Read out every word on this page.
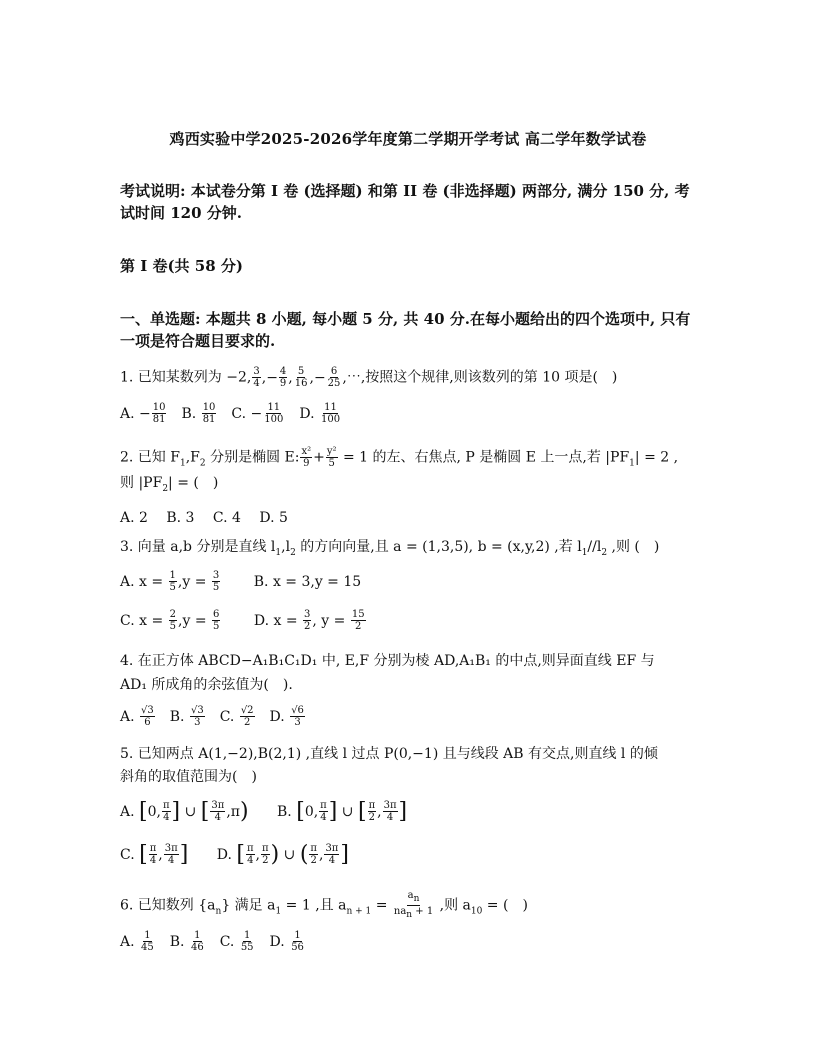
鸡西实验中学2025-2026学年度第二学期开学考试 高二学年数学试卷
考试说明: 本试卷分第 I 卷 (选择题) 和第 II 卷 (非选择题) 两部分, 满分 150 分, 考
试时间 120 分钟.
第 I 卷(共 58 分)
一、单选题: 本题共 8 小题, 每小题 5 分, 共 40 分.在每小题给出的四个选项中, 只有
一项是符合题目要求的.
1. 已知某数列为 −2, $\frac{3}{4}$ ,− $\frac{4}{9}$ , $\frac{5}{16}$ ,− $\frac{6}{25}$ ,⋯,按照这个规律,则该数列的第 10 项是(　)
A. − $\frac{10}{81} B$. $\frac{10}{81} C$. − $\frac{11}{100} D$. $\frac{11}{100}$
2. 已知 $F_1,F_2$ 分别是椭圆 E: $\frac{\text{x²}}{9} + \frac{\text{y²}}{5} = 1$ 的左、右焦点, P 是椭圆 E 上一点,若 $|PF_1| = 2$ ,
则 $|PF_2|$ = (　)
A. 2　 B. 3　 C. 4　 D. 5
3. 向量 a,b 分别是直线 $l_1,l_2$ 的方向向量,且 a = (1,3,5), b = (x,y,2) ,若 $l_1//l_2$ ,则 (　)
A. $x = \frac{1}{5} ,y = \frac{3}{5} B$. x = 3,y = 15
C. $x = \frac{2}{5} ,y = \frac{6}{5} D$. $x = \frac{3}{2}$ , $y = \frac{15}{2}$
4. 在正方体 ABCD−A₁B₁C₁D₁ 中, E,F 分别为棱 AD,A₁B₁ 的中点,则异面直线 EF 与
AD₁ 所成角的余弦值为(　).
A. $\frac{√3}{6} B$. $\frac{√3}{3} C$. $\frac{√2}{2} D$. $\frac{√6}{3}$
5. 已知两点 A(1,−2),B(2,1) ,直线 l 过点 P(0,−1) 且与线段 AB 有交点,则直线 l 的倾
斜角的取值范围为(　)
A. [ 0, $\frac{\pi}{4}$ ] ∪ [ $\frac{3\pi}{4} ,\pi$ ) B. [ 0, $\frac{\pi}{4}$ ] ∪ [ $\frac{\pi}{2}$ , $\frac{3\pi}{4}$ ]
C. [ $\frac{\pi}{4}$ , $\frac{3\pi}{4}$ ] D. [ $\frac{\pi}{4}$ , $\frac{\pi}{2}$ ) ∪ ( $\frac{\pi}{2}$ , $\frac{3\pi}{4}$ ]
6. 已知数列 $\{a_n\}$ 满足 $a_1 = 1$ ,且 $a_{n + 1} = \frac{a_n}{na_n + 1}$ ,则 $a_{10}$ = (　)
A. $\frac{1}{45} B$. $\frac{1}{46} C$. $\frac{1}{55} D$. $\frac{1}{56}$
